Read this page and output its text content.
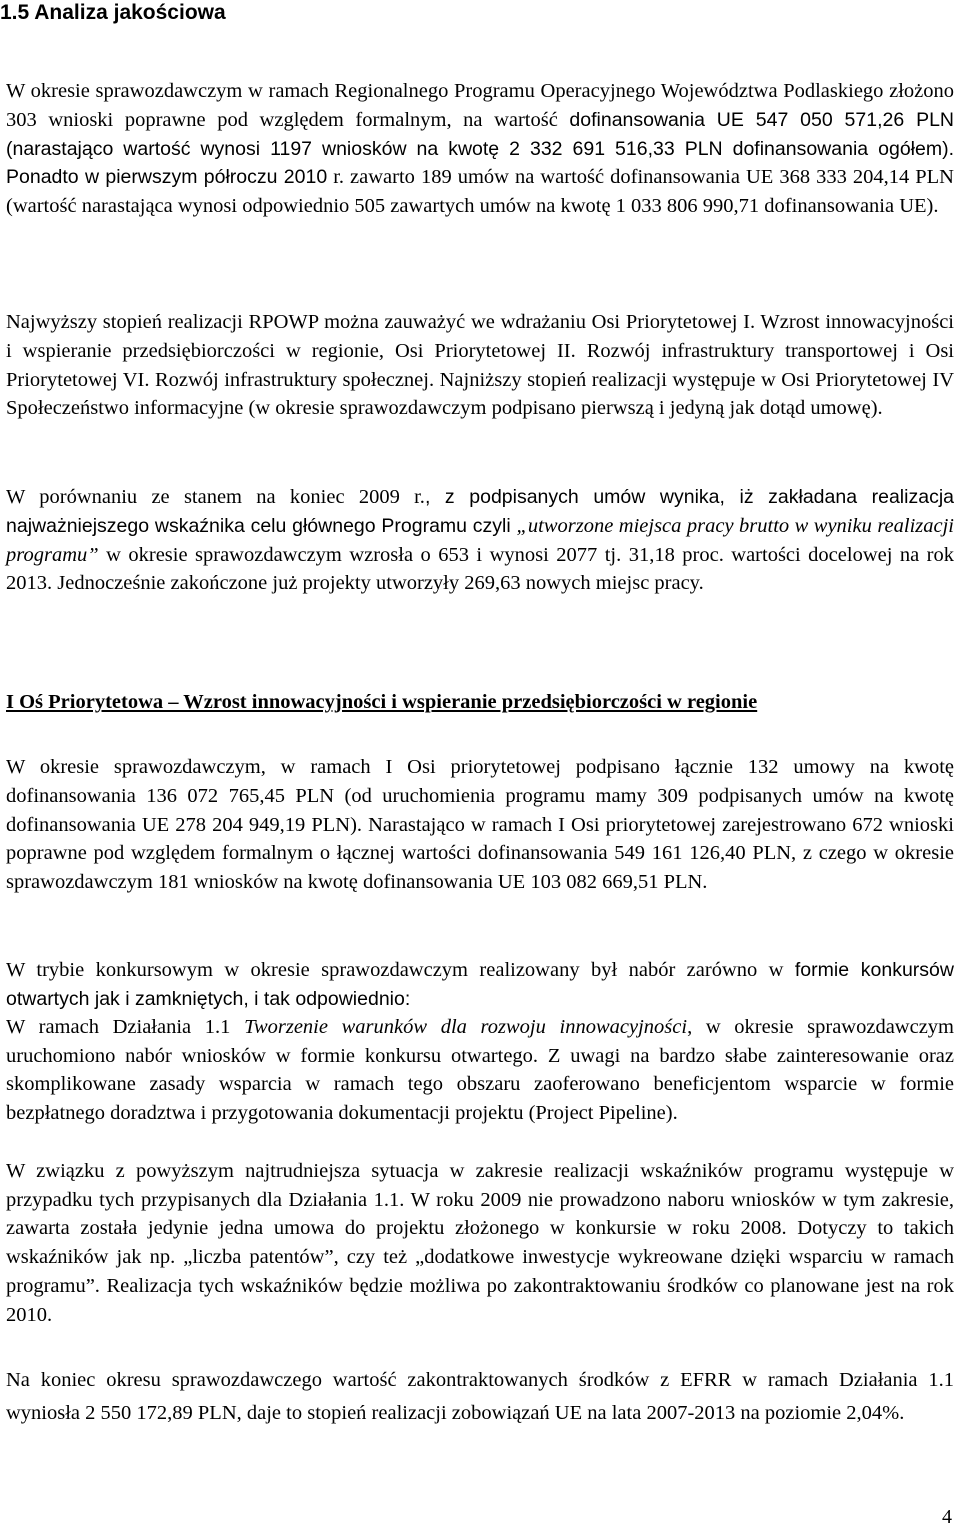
1.5 Analiza jakościowa

W okresie sprawozdawczym w ramach Regionalnego Programu Operacyjnego Województwa Podlaskiego złożono 303 wnioski poprawne pod względem formalnym, na wartość dofinansowania UE 547 050 571,26 PLN (narastająco wartość wynosi 1197 wniosków na kwotę 2 332 691 516,33 PLN dofinansowania ogółem). Ponadto w pierwszym półroczu 2010 r. zawarto 189 umów na wartość dofinansowania UE 368 333 204,14 PLN (wartość narastająca wynosi odpowiednio 505 zawartych umów na kwotę 1 033 806 990,71 dofinansowania UE).

Najwyższy stopień realizacji RPOWP można zauważyć we wdrażaniu Osi Priorytetowej I. Wzrost innowacyjności i wspieranie przedsiębiorczości w regionie, Osi Priorytetowej II. Rozwój infrastruktury transportowej i Osi Priorytetowej VI. Rozwój infrastruktury społecznej. Najniższy stopień realizacji występuje w Osi Priorytetowej IV Społeczeństwo informacyjne (w okresie sprawozdawczym podpisano pierwszą i jedyną jak dotąd umowę).

W porównaniu ze stanem na koniec 2009 r., z podpisanych umów wynika, iż zakładana realizacja najważniejszego wskaźnika celu głównego Programu czyli „utworzone miejsca pracy brutto w wyniku realizacji programu” w okresie sprawozdawczym wzrosła o 653 i wynosi 2077 tj. 31,18 proc. wartości docelowej na rok 2013. Jednocześnie zakończone już projekty utworzyły 269,63 nowych miejsc pracy.

I Oś Priorytetowa – Wzrost innowacyjności i wspieranie przedsiębiorczości w regionie

W okresie sprawozdawczym, w ramach I Osi priorytetowej podpisano łącznie 132 umowy na kwotę dofinansowania 136 072 765,45 PLN (od uruchomienia programu mamy 309 podpisanych umów na kwotę dofinansowania UE 278 204 949,19 PLN). Narastająco w ramach I Osi priorytetowej zarejestrowano 672 wnioski poprawne pod względem formalnym o łącznej wartości dofinansowania 549 161 126,40 PLN, z czego w okresie sprawozdawczym 181 wniosków na kwotę dofinansowania UE 103 082 669,51 PLN.

W trybie konkursowym w okresie sprawozdawczym realizowany był nabór zarówno w formie konkursów otwartych jak i zamkniętych, i tak odpowiednio:

W ramach Działania 1.1 Tworzenie warunków dla rozwoju innowacyjności, w okresie sprawozdawczym uruchomiono nabór wniosków w formie konkursu otwartego. Z uwagi na bardzo słabe zainteresowanie oraz skomplikowane zasady wsparcia w ramach tego obszaru zaoferowano beneficjentom wsparcie w formie bezpłatnego doradztwa i przygotowania dokumentacji projektu (Project Pipeline).

W związku z powyższym najtrudniejsza sytuacja w zakresie realizacji wskaźników programu występuje w przypadku tych przypisanych dla Działania 1.1. W roku 2009 nie prowadzono naboru wniosków w tym zakresie, zawarta została jedynie jedna umowa do projektu złożonego w konkursie w roku 2008. Dotyczy to takich wskaźników jak np. „liczba patentów”, czy też „dodatkowe inwestycje wykreowane dzięki wsparciu w ramach programu”. Realizacja tych wskaźników będzie możliwa po zakontraktowaniu środków co planowane jest na rok 2010.

Na koniec okresu sprawozdawczego wartość zakontraktowanych środków z EFRR w ramach Działania 1.1 wyniosła 2 550 172,89 PLN, daje to stopień realizacji zobowiązań UE na lata 2007-2013 na poziomie 2,04%.

4
